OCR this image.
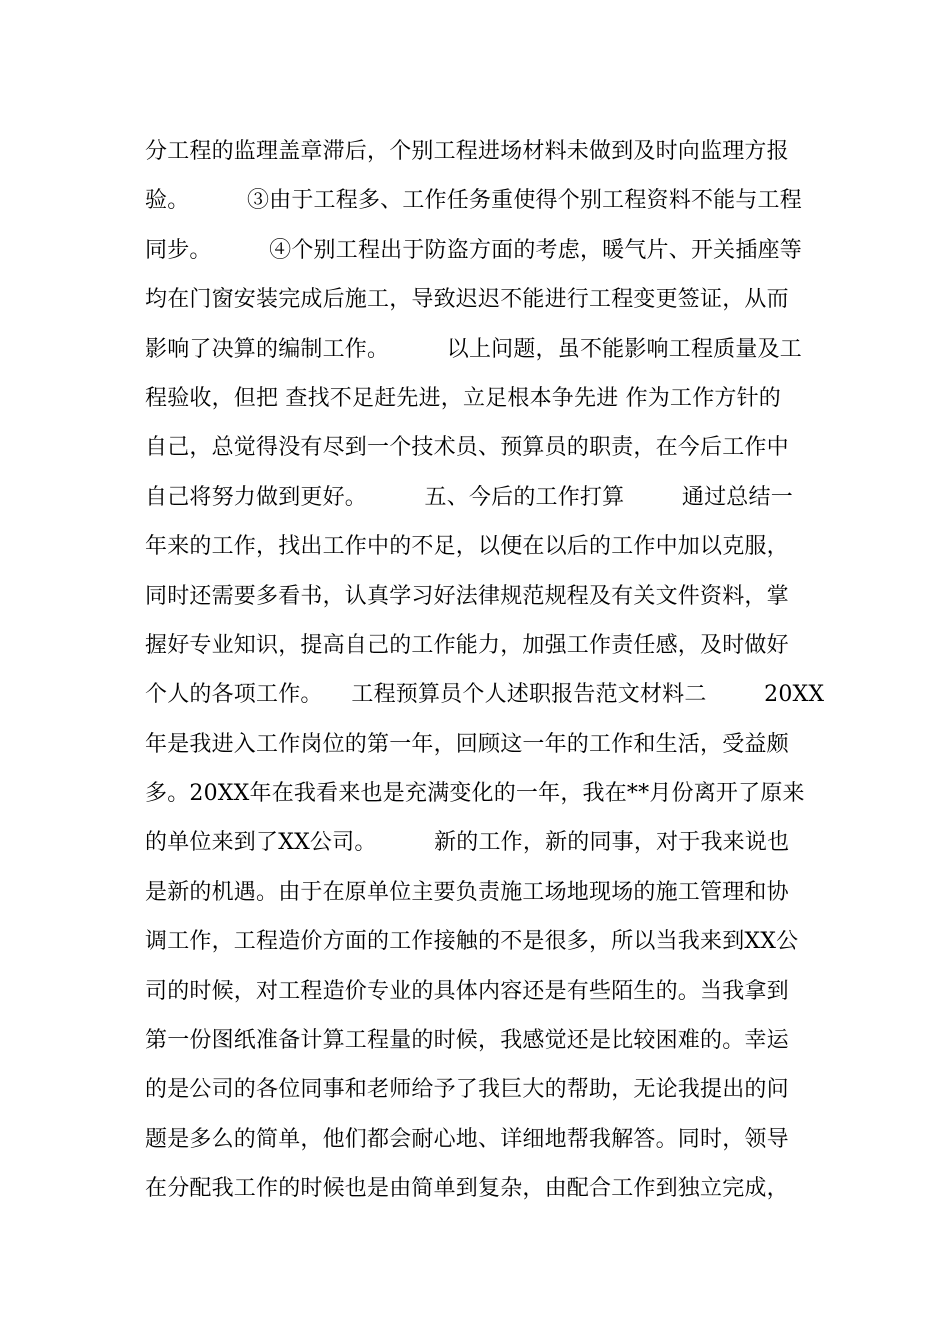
分工程的监理盖章滞后，个别工程进场材料未做到及时向监理方报
验。        ③由于工程多、工作任务重使得个别工程资料不能与工程
同步。        ④个别工程出于防盗方面的考虑，暖气片、开关插座等
均在门窗安装完成后施工，导致迟迟不能进行工程变更签证，从而
影响了决算的编制工作。        以上问题，虽不能影响工程质量及工
程验收，但把 查找不足赶先进，立足根本争先进 作为工作方针的
自己，总觉得没有尽到一个技术员、预算员的职责，在今后工作中
自己将努力做到更好。        五、今后的工作打算        通过总结一
年来的工作，找出工作中的不足，以便在以后的工作中加以克服，
同时还需要多看书，认真学习好法律规范规程及有关文件资料，掌
握好专业知识，提高自己的工作能力，加强工作责任感，及时做好
个人的各项工作。    工程预算员个人述职报告范文材料二        20XX
年是我进入工作岗位的第一年，回顾这一年的工作和生活，受益颇
多。20XX年在我看来也是充满变化的一年，我在**月份离开了原来
的单位来到了XX公司。        新的工作，新的同事，对于我来说也
是新的机遇。由于在原单位主要负责施工场地现场的施工管理和协
调工作，工程造价方面的工作接触的不是很多，所以当我来到XX公
司的时候，对工程造价专业的具体内容还是有些陌生的。当我拿到
第一份图纸准备计算工程量的时候，我感觉还是比较困难的。幸运
的是公司的各位同事和老师给予了我巨大的帮助，无论我提出的问
题是多么的简单，他们都会耐心地、详细地帮我解答。同时，领导
在分配我工作的时候也是由简单到复杂，由配合工作到独立完成，
